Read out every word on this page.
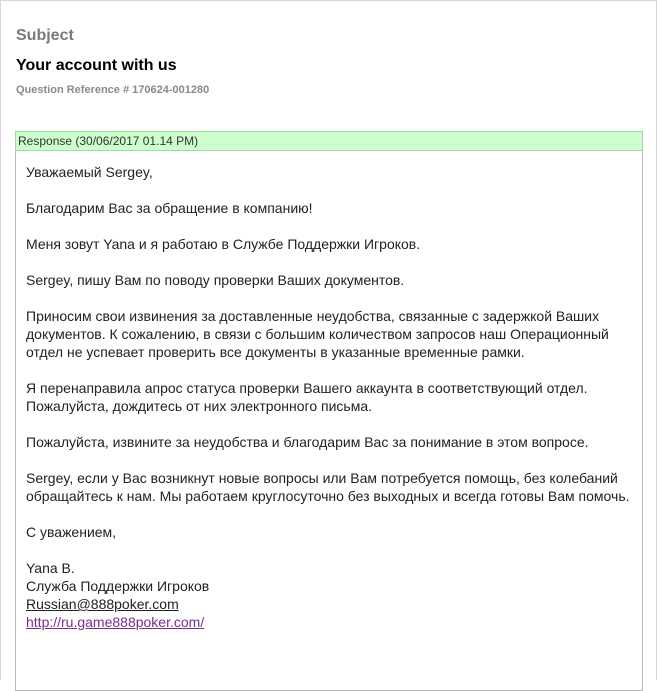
Subject
Your account with us
Question Reference # 170624-001280
Response (30/06/2017 01.14 PM)

Уважаемый Sergey,

Благодарим Вас за обращение в компанию!

Меня зовут Yana и я работаю в Службе Поддержки Игроков.

Sergey, пишу Вам по поводу проверки Ваших документов.

Приносим свои извинения за доставленные неудобства, связанные с задержкой Ваших документов. К сожалению, в связи с большим количеством запросов наш Операционный отдел не успевает проверить все документы в указанные временные рамки.

Я перенаправила апрос статуса проверки Вашего аккаунта в соответствующий отдел. Пожалуйста, дождитесь от них электронного письма.

Пожалуйста, извините за неудобства и благодарим Вас за понимание в этом вопросе.

Sergey, если у Вас возникнут новые вопросы или Вам потребуется помощь, без колебаний обращайтесь к нам. Мы работаем круглосуточно без выходных и всегда готовы Вам помочь.

С уважением,

Yana B.
Служба Поддержки Игроков
Russian@888poker.com
http://ru.game888poker.com/
